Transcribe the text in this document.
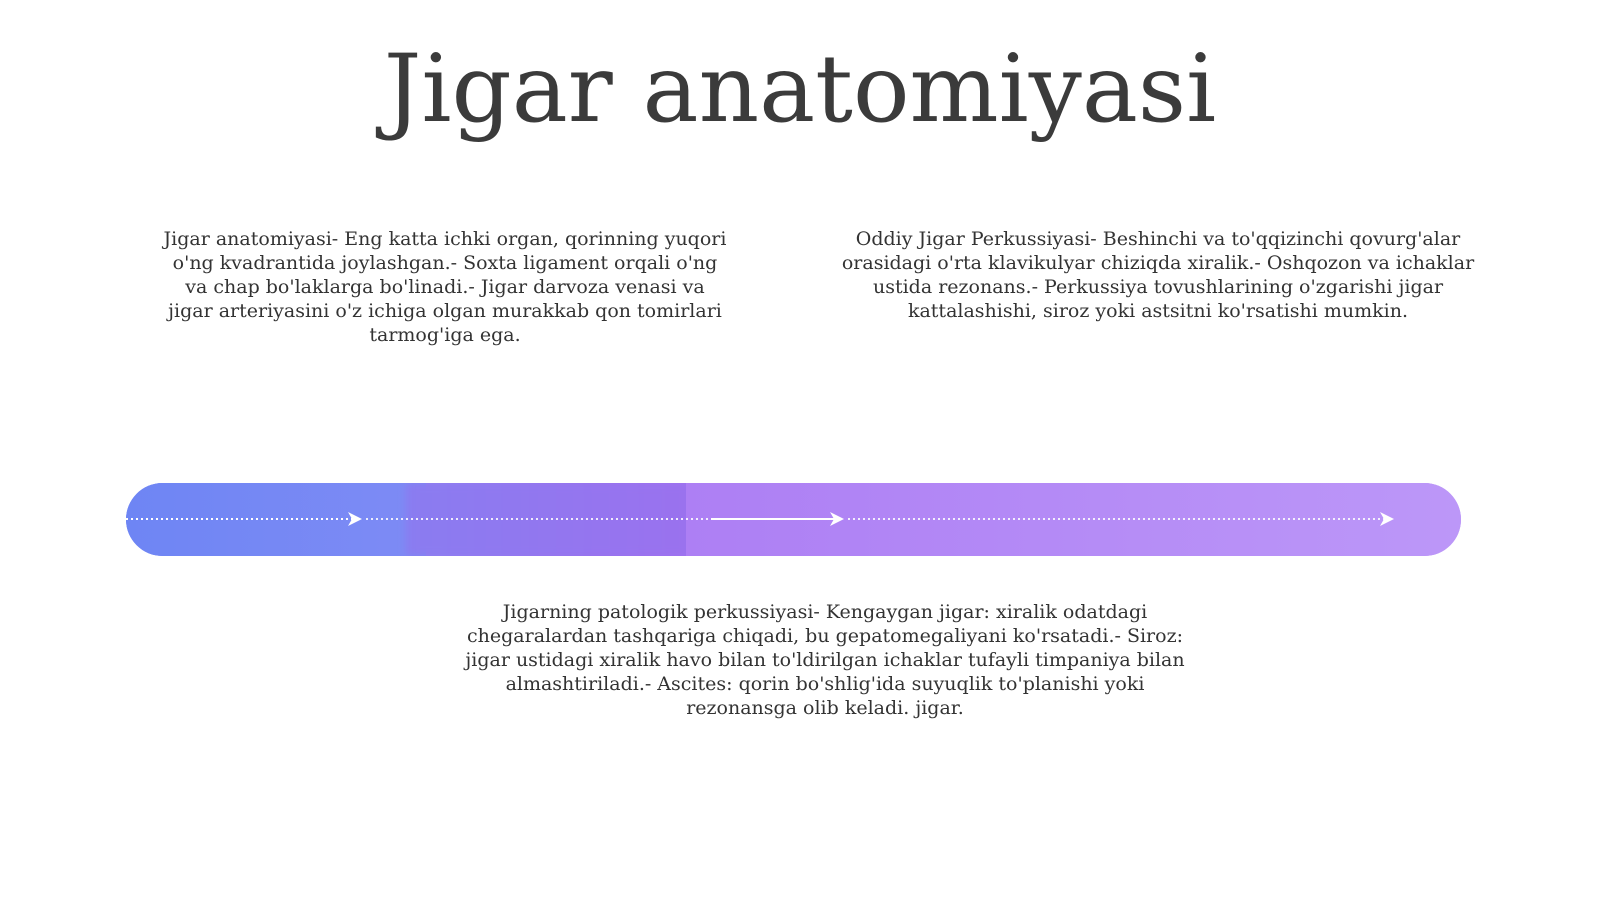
Jigar anatomiyasi

Jigar anatomiyasi- Eng katta ichki organ, qorinning yuqori o'ng kvadrantida joylashgan.- Soxta ligament orqali o'ng va chap bo'laklarga bo'linadi.- Jigar darvoza venasi va jigar arteriyasini o'z ichiga olgan murakkab qon tomirlari tarmog'iga ega.

Oddiy Jigar Perkussiyasi- Beshinchi va to'qqizinchi qovurg'alar orasidagi o'rta klavikulyar chiziqda xiralik.- Oshqozon va ichaklar ustida rezonans.- Perkussiya tovushlarining o'zgarishi jigar kattalashishi, siroz yoki astsitni ko'rsatishi mumkin.

Jigarning patologik perkussiyasi- Kengaygan jigar: xiralik odatdagi chegaralardan tashqariga chiqadi, bu gepatomegaliyani ko'rsatadi.- Siroz: jigar ustidagi xiralik havo bilan to'ldirilgan ichaklar tufayli timpaniya bilan almashtiriladi.- Ascites: qorin bo'shlig'ida suyuqlik to'planishi yoki rezonansga olib keladi. jigar.
